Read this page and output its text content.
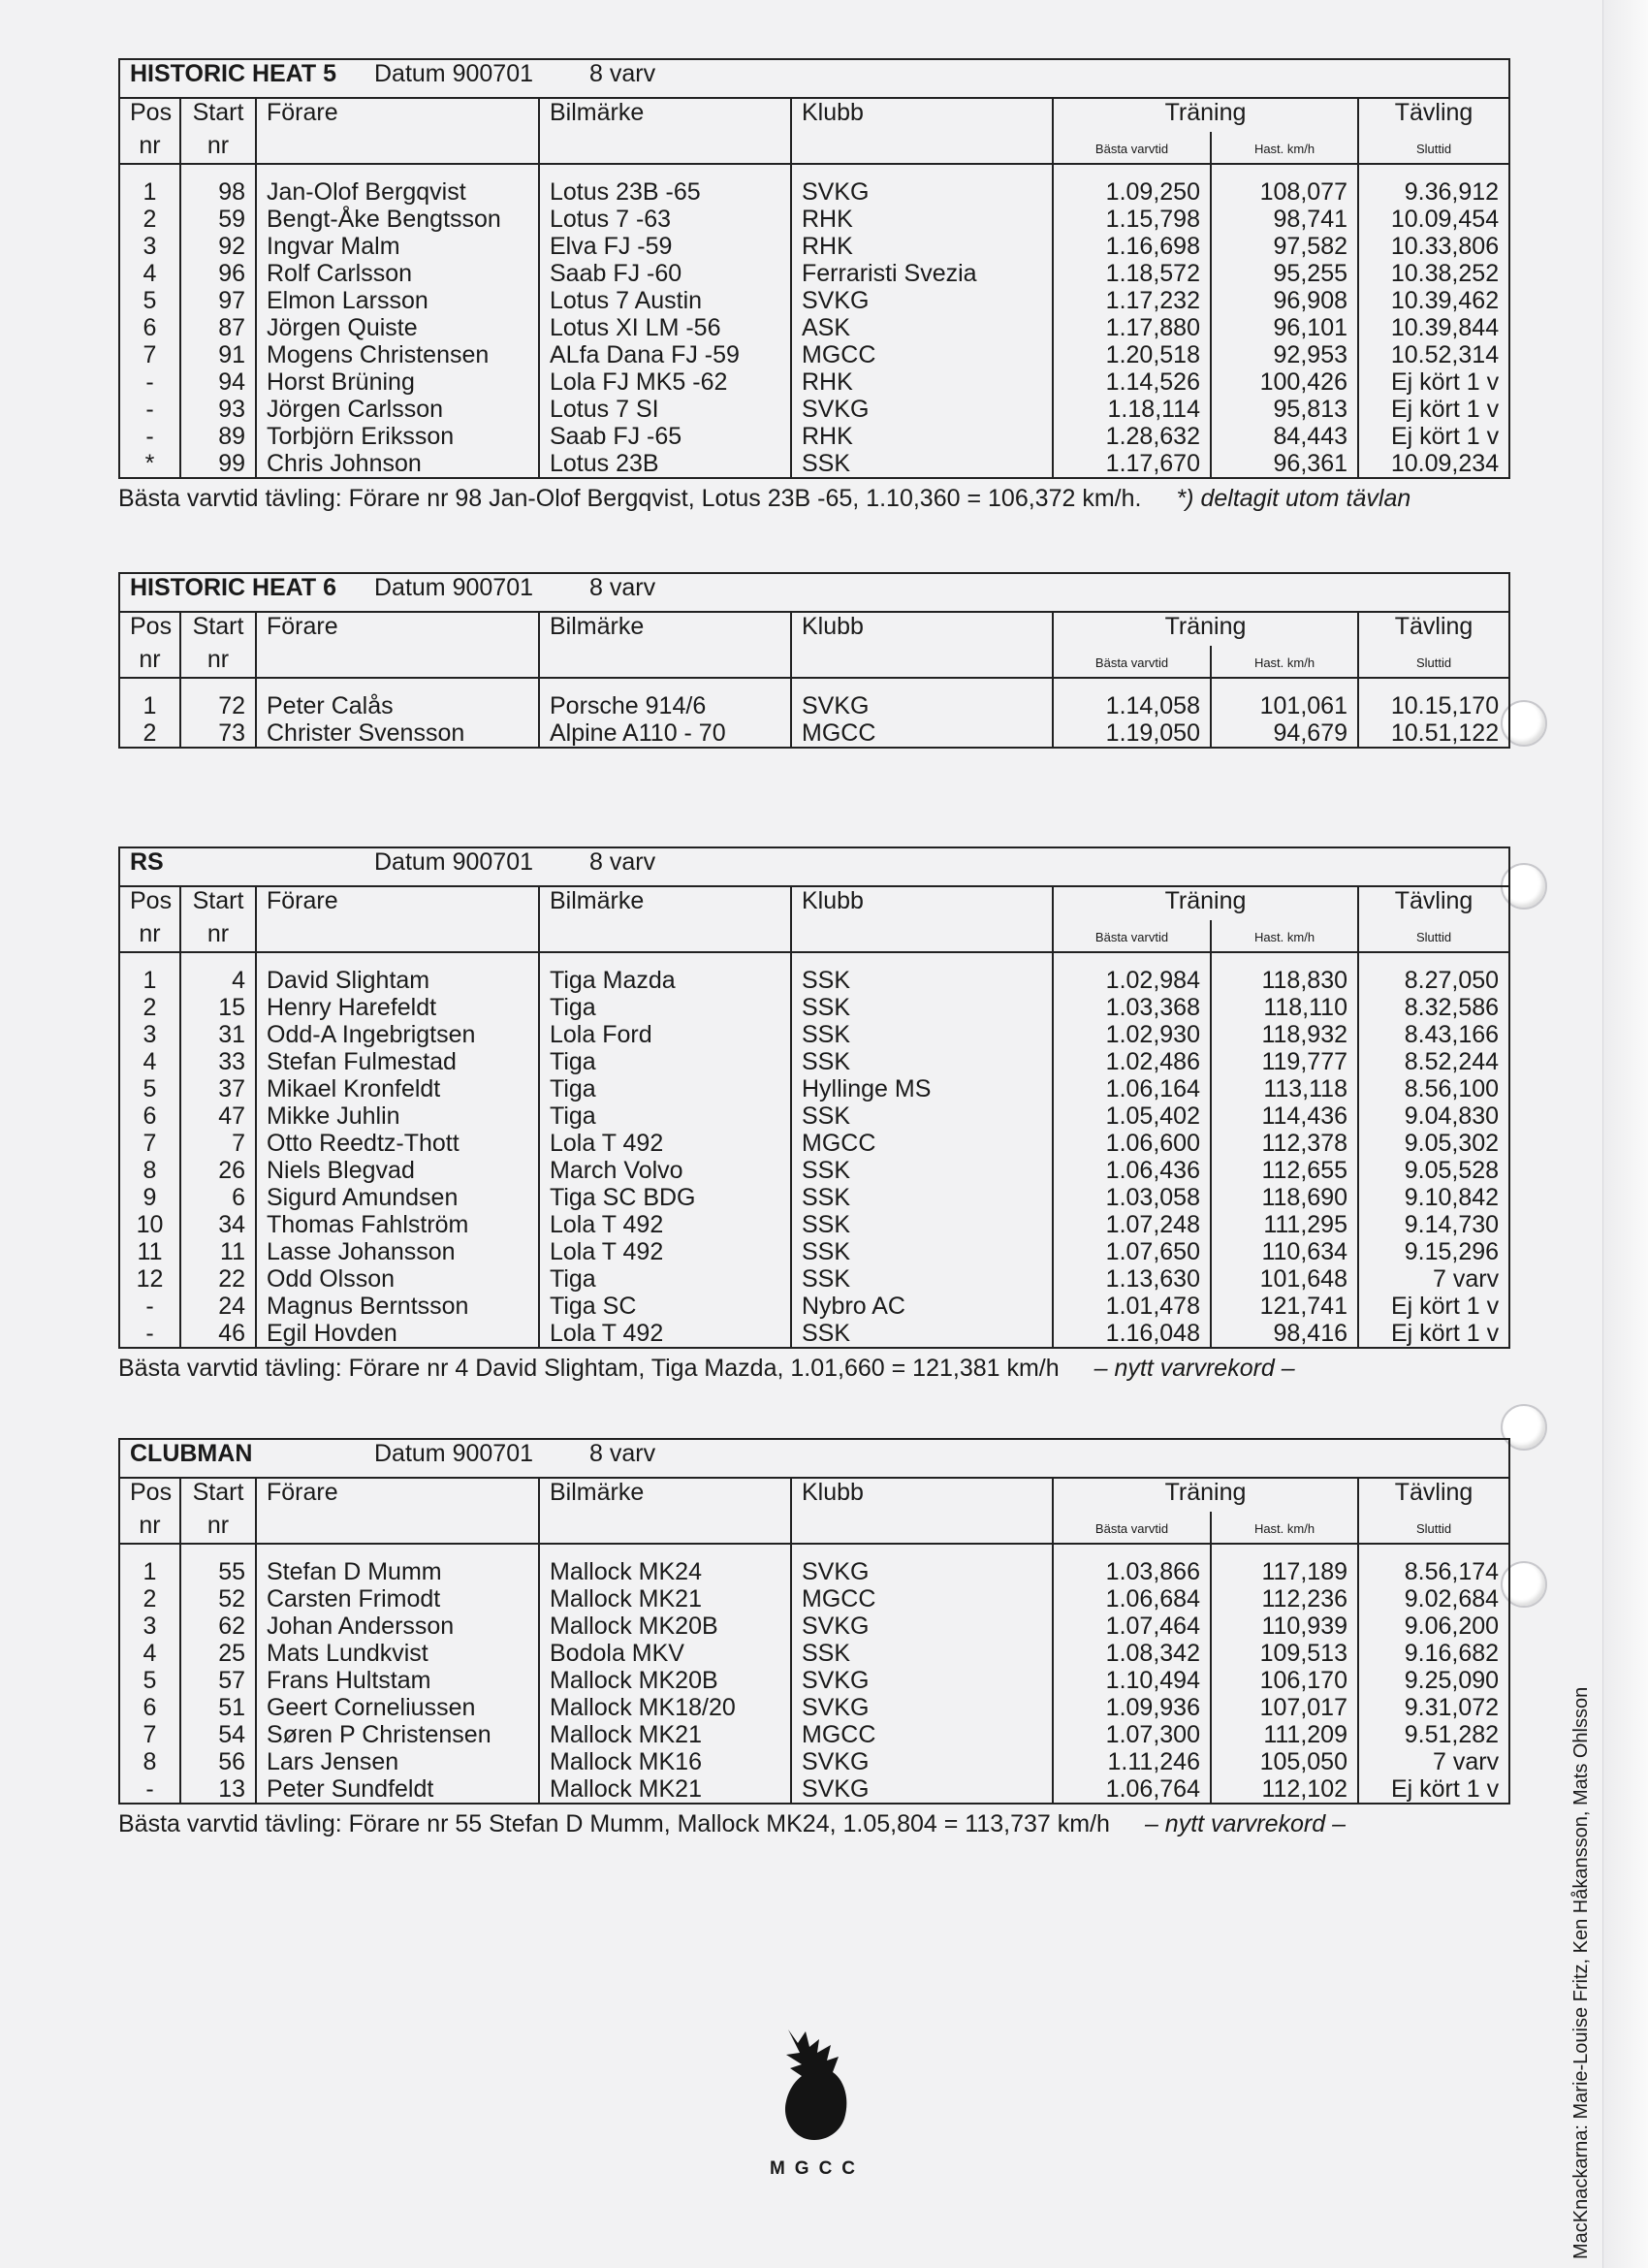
HISTORIC HEAT 5 Datum 900701 8 varv							
Pos	Start	Förare	Bilmärke	Klubb	Träning		Tävling
nr	nr				Bästa varvtid	Hast. km/h	Sluttid

1	98	Jan-Olof Bergqvist	Lotus 23B -65	SVKG	1.09,250	108,077	9.36,912
2	59	Bengt-Åke Bengtsson	Lotus 7 -63	RHK	1.15,798	98,741	10.09,454
3	92	Ingvar Malm	Elva FJ -59	RHK	1.16,698	97,582	10.33,806
4	96	Rolf Carlsson	Saab FJ -60	Ferraristi Svezia	1.18,572	95,255	10.38,252
5	97	Elmon Larsson	Lotus 7 Austin	SVKG	1.17,232	96,908	10.39,462
6	87	Jörgen Quiste	Lotus XI LM -56	ASK	1.17,880	96,101	10.39,844
7	91	Mogens Christensen	ALfa Dana FJ -59	MGCC	1.20,518	92,953	10.52,314
-	94	Horst Brüning	Lola FJ MK5 -62	RHK	1.14,526	100,426	Ej kört 1 v
-	93	Jörgen Carlsson	Lotus 7 SI	SVKG	1.18,114	95,813	Ej kört 1 v
-	89	Torbjörn Eriksson	Saab FJ -65	RHK	1.28,632	84,443	Ej kört 1 v
*	99	Chris Johnson	Lotus 23B	SSK	1.17,670	96,361	10.09,234
Bästa varvtid tävling: Förare nr 98 Jan-Olof Bergqvist, Lotus 23B -65, 1.10,360 = 106,372 km/h. *) deltagit utom tävlan
HISTORIC HEAT 6 Datum 900701 8 varv							
Pos	Start	Förare	Bilmärke	Klubb	Träning		Tävling
nr	nr				Bästa varvtid	Hast. km/h	Sluttid

1	72	Peter Calås	Porsche 914/6	SVKG	1.14,058	101,061	10.15,170
2	73	Christer Svensson	Alpine A110 - 70	MGCC	1.19,050	94,679	10.51,122
RS Datum 900701 8 varv							
Pos	Start	Förare	Bilmärke	Klubb	Träning		Tävling
nr	nr				Bästa varvtid	Hast. km/h	Sluttid

1	4	David Slightam	Tiga Mazda	SSK	1.02,984	118,830	8.27,050
2	15	Henry Harefeldt	Tiga	SSK	1.03,368	118,110	8.32,586
3	31	Odd-A Ingebrigtsen	Lola Ford	SSK	1.02,930	118,932	8.43,166
4	33	Stefan Fulmestad	Tiga	SSK	1.02,486	119,777	8.52,244
5	37	Mikael Kronfeldt	Tiga	Hyllinge MS	1.06,164	113,118	8.56,100
6	47	Mikke Juhlin	Tiga	SSK	1.05,402	114,436	9.04,830
7	7	Otto Reedtz-Thott	Lola T 492	MGCC	1.06,600	112,378	9.05,302
8	26	Niels Blegvad	March Volvo	SSK	1.06,436	112,655	9.05,528
9	6	Sigurd Amundsen	Tiga SC BDG	SSK	1.03,058	118,690	9.10,842
10	34	Thomas Fahlström	Lola T 492	SSK	1.07,248	111,295	9.14,730
11	11	Lasse Johansson	Lola T 492	SSK	1.07,650	110,634	9.15,296
12	22	Odd Olsson	Tiga	SSK	1.13,630	101,648	7 varv
-	24	Magnus Berntsson	Tiga SC	Nybro AC	1.01,478	121,741	Ej kört 1 v
-	46	Egil Hovden	Lola T 492	SSK	1.16,048	98,416	Ej kört 1 v
Bästa varvtid tävling: Förare nr 4 David Slightam, Tiga Mazda, 1.01,660 = 121,381 km/h – nytt varvrekord –
CLUBMAN Datum 900701 8 varv							
Pos	Start	Förare	Bilmärke	Klubb	Träning		Tävling
nr	nr				Bästa varvtid	Hast. km/h	Sluttid

1	55	Stefan D Mumm	Mallock MK24	SVKG	1.03,866	117,189	8.56,174
2	52	Carsten Frimodt	Mallock MK21	MGCC	1.06,684	112,236	9.02,684
3	62	Johan Andersson	Mallock MK20B	SVKG	1.07,464	110,939	9.06,200
4	25	Mats Lundkvist	Bodola MKV	SSK	1.08,342	109,513	9.16,682
5	57	Frans Hultstam	Mallock MK20B	SVKG	1.10,494	106,170	9.25,090
6	51	Geert Corneliussen	Mallock MK18/20	SVKG	1.09,936	107,017	9.31,072
7	54	Søren P Christensen	Mallock MK21	MGCC	1.07,300	111,209	9.51,282
8	56	Lars Jensen	Mallock MK16	SVKG	1.11,246	105,050	7 varv
-	13	Peter Sundfeldt	Mallock MK21	SVKG	1.06,764	112,102	Ej kört 1 v
Bästa varvtid tävling: Förare nr 55 Stefan D Mumm, Mallock MK24, 1.05,804 = 113,737 km/h – nytt varvrekord –
MGCC	MacKnackarna: Marie-Louise Fritz, Ken Håkansson, Mats Ohlsson
